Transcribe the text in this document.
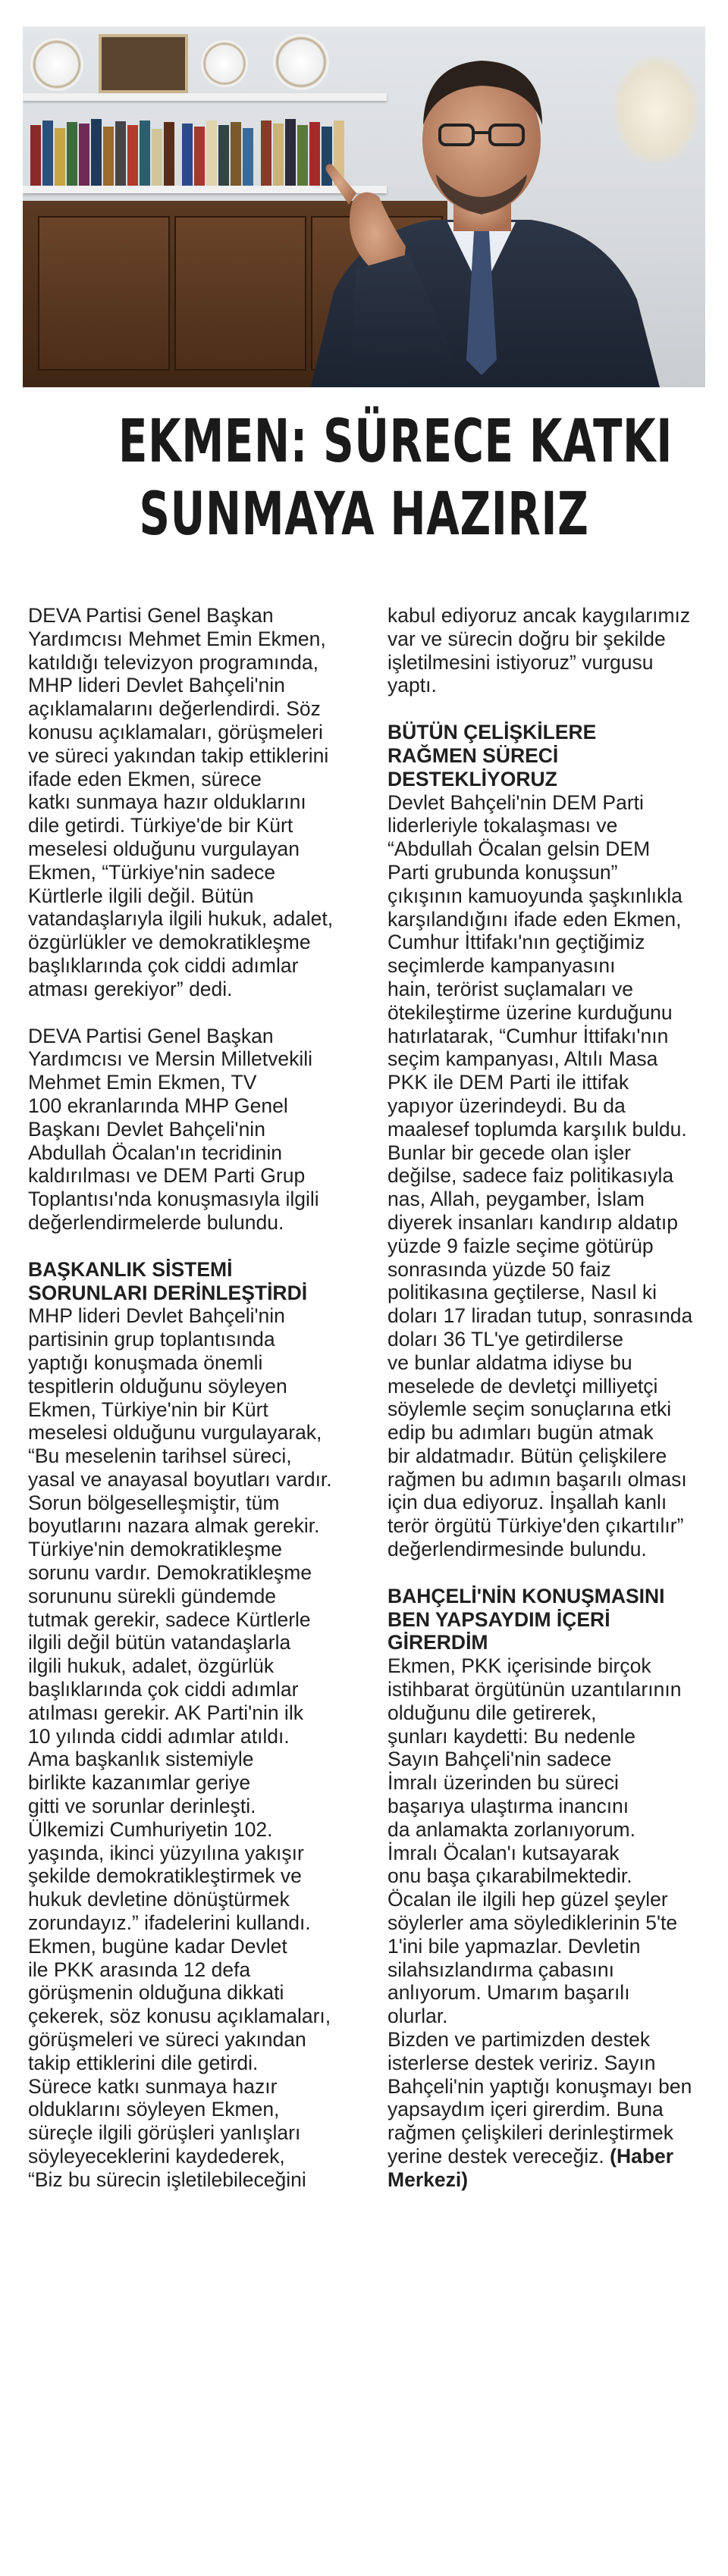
EKMEN: SÜRECE KATKI
SUNMAYA HAZIRIZ

DEVA Partisi Genel Başkan
Yardımcısı Mehmet Emin Ekmen,
katıldığı televizyon programında,
MHP lideri Devlet Bahçeli'nin
açıklamalarını değerlendirdi. Söz
konusu açıklamaları, görüşmeleri
ve süreci yakından takip ettiklerini
ifade eden Ekmen, sürece
katkı sunmaya hazır olduklarını
dile getirdi. Türkiye'de bir Kürt
meselesi olduğunu vurgulayan
Ekmen, “Türkiye'nin sadece
Kürtlerle ilgili değil. Bütün
vatandaşlarıyla ilgili hukuk, adalet,
özgürlükler ve demokratikleşme
başlıklarında çok ciddi adımlar
atması gerekiyor” dedi.

DEVA Partisi Genel Başkan
Yardımcısı ve Mersin Milletvekili
Mehmet Emin Ekmen, TV
100 ekranlarında MHP Genel
Başkanı Devlet Bahçeli'nin
Abdullah Öcalan'ın tecridinin
kaldırılması ve DEM Parti Grup
Toplantısı'nda konuşmasıyla ilgili
değerlendirmelerde bulundu.

BAŞKANLIK SİSTEMİ
SORUNLARI DERİNLEŞTİRDİ

MHP lideri Devlet Bahçeli'nin
partisinin grup toplantısında
yaptığı konuşmada önemli
tespitlerin olduğunu söyleyen
Ekmen, Türkiye'nin bir Kürt
meselesi olduğunu vurgulayarak,
“Bu meselenin tarihsel süreci,
yasal ve anayasal boyutları vardır.
Sorun bölgeselleşmiştir, tüm
boyutlarını nazara almak gerekir.
Türkiye'nin demokratikleşme
sorunu vardır. Demokratikleşme
sorununu sürekli gündemde
tutmak gerekir, sadece Kürtlerle
ilgili değil bütün vatandaşlarla
ilgili hukuk, adalet, özgürlük
başlıklarında çok ciddi adımlar
atılması gerekir. AK Parti'nin ilk
10 yılında ciddi adımlar atıldı.
Ama başkanlık sistemiyle
birlikte kazanımlar geriye
gitti ve sorunlar derinleşti.
Ülkemizi Cumhuriyetin 102.
yaşında, ikinci yüzyılına yakışır
şekilde demokratikleştirmek ve
hukuk devletine dönüştürmek
zorundayız.” ifadelerini kullandı.
Ekmen, bugüne kadar Devlet
ile PKK arasında 12 defa
görüşmenin olduğuna dikkati
çekerek, söz konusu açıklamaları,
görüşmeleri ve süreci yakından
takip ettiklerini dile getirdi.
Sürece katkı sunmaya hazır
olduklarını söyleyen Ekmen,
süreçle ilgili görüşleri yanlışları
söyleyeceklerini kaydederek,
“Biz bu sürecin işletilebileceğini

kabul ediyoruz ancak kaygılarımız
var ve sürecin doğru bir şekilde
işletilmesini istiyoruz” vurgusu
yaptı.

BÜTÜN ÇELİŞKİLERE
RAĞMEN SÜRECİ
DESTEKLİYORUZ

Devlet Bahçeli'nin DEM Parti
liderleriyle tokalaşması ve
“Abdullah Öcalan gelsin DEM
Parti grubunda konuşsun”
çıkışının kamuoyunda şaşkınlıkla
karşılandığını ifade eden Ekmen,
Cumhur İttifakı'nın geçtiğimiz
seçimlerde kampanyasını
hain, terörist suçlamaları ve
ötekileştirme üzerine kurduğunu
hatırlatarak, “Cumhur İttifakı'nın
seçim kampanyası, Altılı Masa
PKK ile DEM Parti ile ittifak
yapıyor üzerindeydi. Bu da
maalesef toplumda karşılık buldu.
Bunlar bir gecede olan işler
değilse, sadece faiz politikasıyla
nas, Allah, peygamber, İslam
diyerek insanları kandırıp aldatıp
yüzde 9 faizle seçime götürüp
sonrasında yüzde 50 faiz
politikasına geçtilerse, Nasıl ki
doları 17 liradan tutup, sonrasında
doları 36 TL'ye getirdilerse
ve bunlar aldatma idiyse bu
meselede de devletçi milliyetçi
söylemle seçim sonuçlarına etki
edip bu adımları bugün atmak
bir aldatmadır. Bütün çelişkilere
rağmen bu adımın başarılı olması
için dua ediyoruz. İnşallah kanlı
terör örgütü Türkiye'den çıkartılır”
değerlendirmesinde bulundu.

BAHÇELİ'NİN KONUŞMASINI
BEN YAPSAYDIM İÇERİ
GİRERDİM

Ekmen, PKK içerisinde birçok
istihbarat örgütünün uzantılarının
olduğunu dile getirerek,
şunları kaydetti: Bu nedenle
Sayın Bahçeli'nin sadece
İmralı üzerinden bu süreci
başarıya ulaştırma inancını
da anlamakta zorlanıyorum.
İmralı Öcalan'ı kutsayarak
onu başa çıkarabilmektedir.
Öcalan ile ilgili hep güzel şeyler
söylerler ama söylediklerinin 5'te
1'ini bile yapmazlar. Devletin
silahsızlandırma çabasını
anlıyorum. Umarım başarılı
olurlar.
Bizden ve partimizden destek
isterlerse destek veririz. Sayın
Bahçeli'nin yaptığı konuşmayı ben
yapsaydım içeri girerdim. Buna
rağmen çelişkileri derinleştirmek
yerine destek vereceğiz. (Haber
Merkezi)
